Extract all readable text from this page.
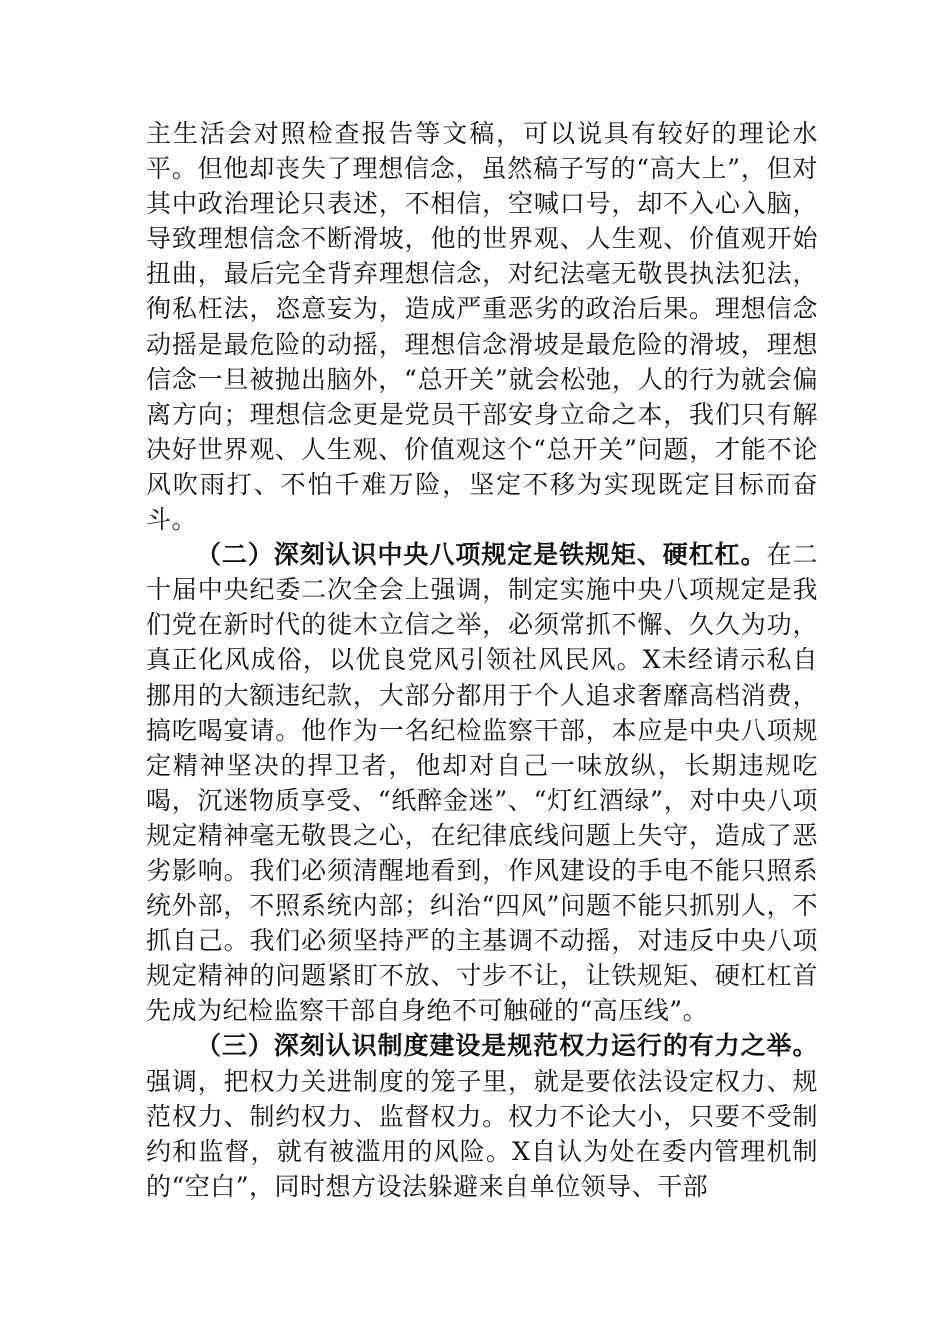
主生活会对照检查报告等文稿，可以说具有较好的理论水平。但他却丧失了理想信念，虽然稿子写的“高大上”，但对其中政治理论只表述，不相信，空喊口号，却不入心入脑，导致理想信念不断滑坡，他的世界观、人生观、价值观开始扭曲，最后完全背弃理想信念，对纪法毫无敬畏执法犯法，徇私枉法，恣意妄为，造成严重恶劣的政治后果。理想信念动摇是最危险的动摇，理想信念滑坡是最危险的滑坡，理想信念一旦被抛出脑外，“总开关”就会松弛，人的行为就会偏离方向；理想信念更是党员干部安身立命之本，我们只有解决好世界观、人生观、价值观这个“总开关”问题，才能不论风吹雨打、不怕千难万险，坚定不移为实现既定目标而奋斗。

（二）深刻认识中央八项规定是铁规矩、硬杠杠。在二十届中央纪委二次全会上强调，制定实施中央八项规定是我们党在新时代的徙木立信之举，必须常抓不懈、久久为功，真正化风成俗，以优良党风引领社风民风。X未经请示私自挪用的大额违纪款，大部分都用于个人追求奢靡高档消费，搞吃喝宴请。他作为一名纪检监察干部，本应是中央八项规定精神坚决的捍卫者，他却对自己一味放纵，长期违规吃喝，沉迷物质享受、“纸醉金迷”、“灯红酒绿”，对中央八项规定精神毫无敬畏之心，在纪律底线问题上失守，造成了恶劣影响。我们必须清醒地看到，作风建设的手电不能只照系统外部，不照系统内部；纠治“四风”问题不能只抓别人，不抓自己。我们必须坚持严的主基调不动摇，对违反中央八项规定精神的问题紧盯不放、寸步不让，让铁规矩、硬杠杠首先成为纪检监察干部自身绝不可触碰的“高压线”。

（三）深刻认识制度建设是规范权力运行的有力之举。强调，把权力关进制度的笼子里，就是要依法设定权力、规范权力、制约权力、监督权力。权力不论大小，只要不受制约和监督，就有被滥用的风险。X自认为处在委内管理机制的“空白”，同时想方设法躲避来自单位领导、干部
